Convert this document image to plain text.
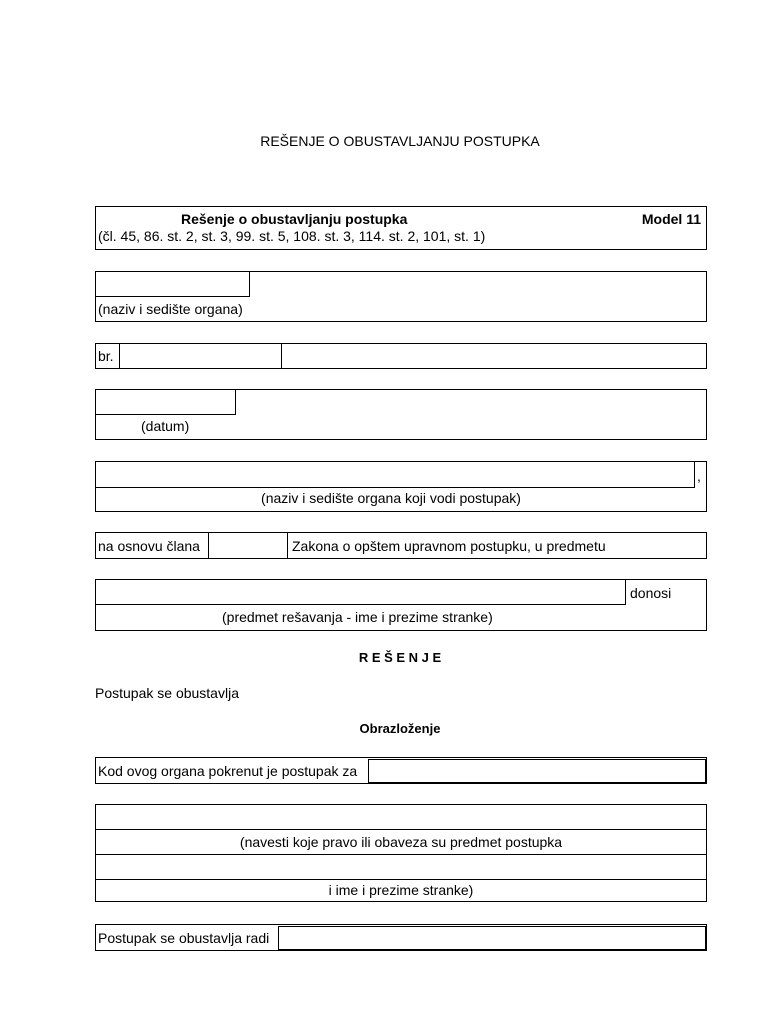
REŠENJE O OBUSTAVLJANJU POSTUPKA
Rešenje o obustavljanju postupka	Model 11
(čl. 45, 86. st. 2, st. 3, 99. st. 5, 108. st. 3, 114. st. 2, 101, st. 1)
(naziv i sedište organa)
br.
(datum)
,
(naziv i sedište organa koji vodi postupak)
na osnovu člana	Zakona o opštem upravnom postupku, u predmetu
donosi
(predmet rešavanja - ime i prezime stranke)
R E Š E N J E
Postupak se obustavlja
Obrazloženje
Kod ovog organa pokrenut je postupak za
(navesti koje pravo ili obaveza su predmet postupka
i ime i prezime stranke)
Postupak se obustavlja radi
